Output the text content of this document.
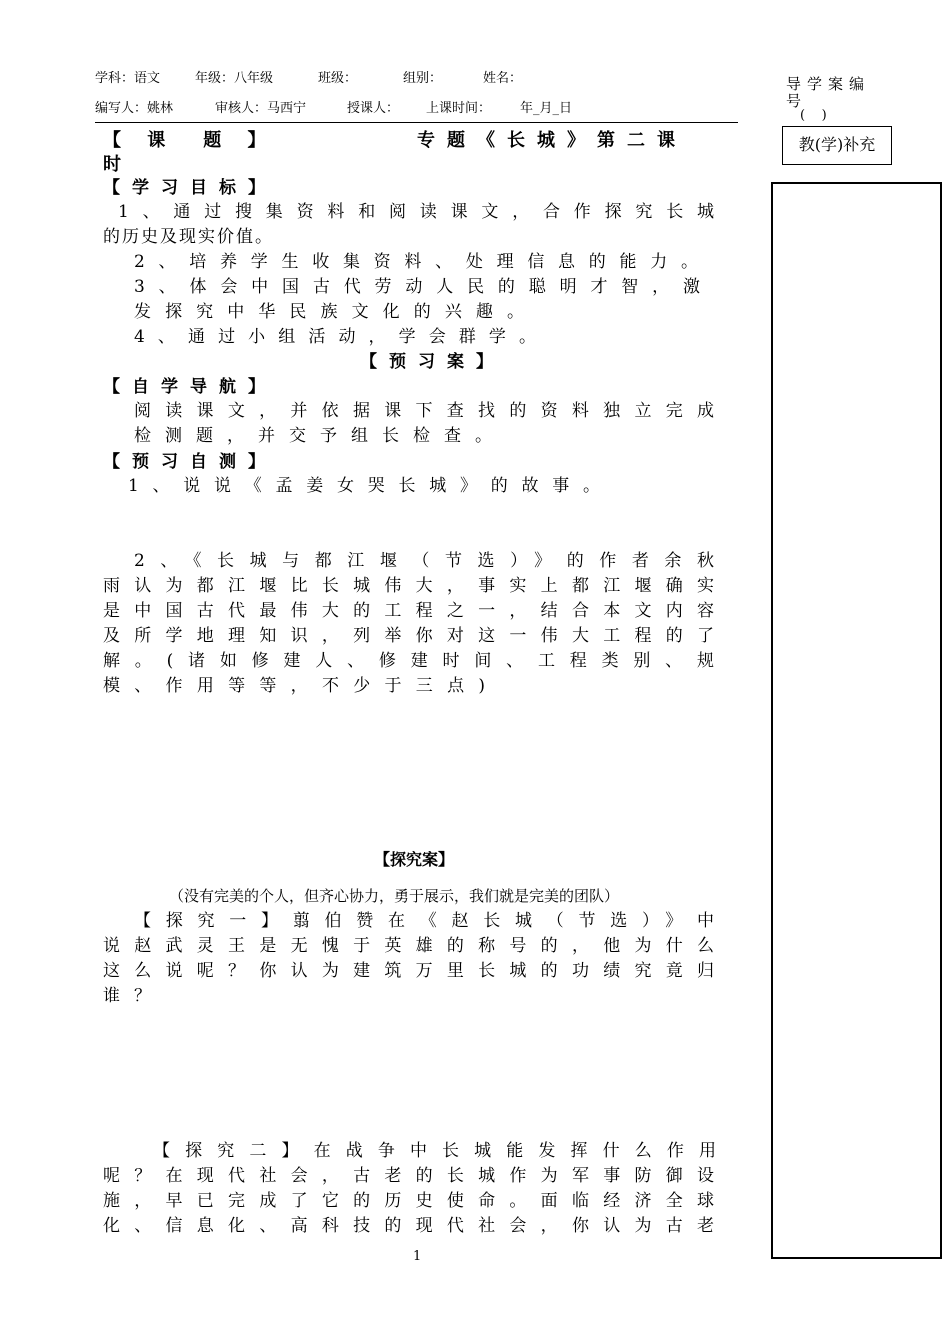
学科：语文	年级：八年级	班级：	组别：	姓名：
编写人：姚林	审核人：马西宁	授课人： 上课时间： 年_月_日
导学案编号
(    )
教(学)补充
【 课　题 】	专题《长城》第二课
时
【学习目标】
1、通过搜集资料和阅读课文，合作探究长城
的历史及现实价值。
2、培养学生收集资料、处理信息的能力。
3、体会中国古代劳动人民的聪明才智，激
发探究中华民族文化的兴趣。
4、通过小组活动，学会群学。
【预习案】
【自学导航】
阅读课文，并依据课下查找的资料独立完成
检测题，并交予组长检查。
【预习自测】
1、说说《孟姜女哭长城》的故事。
2、《长城与都江堰（节选）》的作者余秋
雨认为都江堰比长城伟大，事实上都江堰确实
是中国古代最伟大的工程之一，结合本文内容
及所学地理知识，列举你对这一伟大工程的了
解。(诸如修建人、修建时间、工程类别、规
模、作用等等，不少于三点)
【探究案】
（没有完美的个人，但齐心协力，勇于展示，我们就是完美的团队）
【探究一】翦伯赞在《赵长城（节选）》中
说赵武灵王是无愧于英雄的称号的，他为什么
这么说呢？你认为建筑万里长城的功绩究竟归
谁？
【探究二】在战争中长城能发挥什么作用
呢？在现代社会，古老的长城作为军事防御设
施，早已完成了它的历史使命。面临经济全球
化、信息化、高科技的现代社会，你认为古老
1
